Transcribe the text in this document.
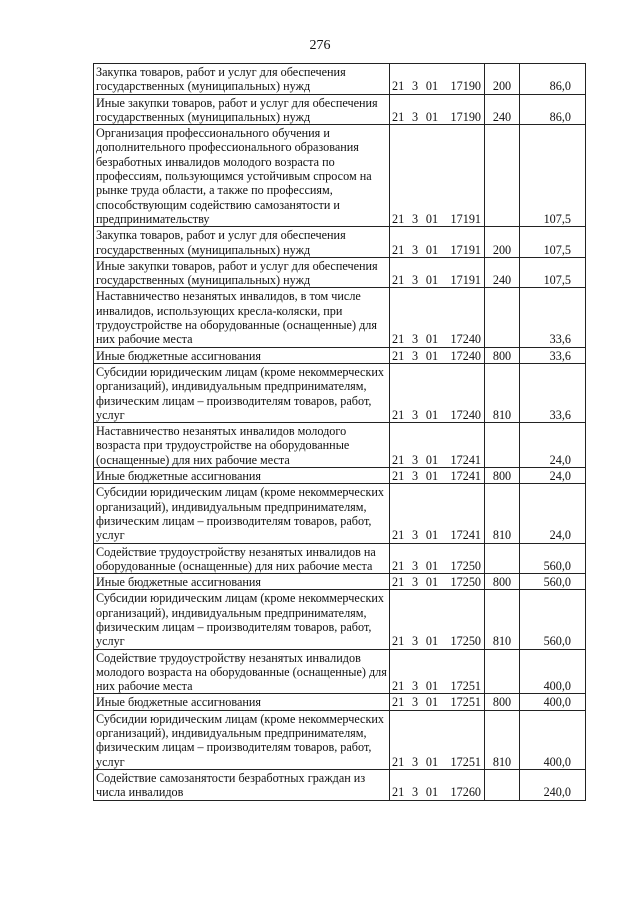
276
Закупка товаров, работ и услуг для обеспечения государственных (муниципальных) нужд	21 3 01 17190	200	86,0
Иные закупки товаров, работ и услуг для обеспечения государственных (муниципальных) нужд	21 3 01 17190	240	86,0
Организация профессионального обучения и дополнительного профессионального образования безработных инвалидов молодого возраста по профессиям, пользующимся устойчивым спросом на рынке труда области, а также по профессиям, способствующим содействию самозанятости и предпринимательству	21 3 01 17191		107,5
Закупка товаров, работ и услуг для обеспечения государственных (муниципальных) нужд	21 3 01 17191	200	107,5
Иные закупки товаров, работ и услуг для обеспечения государственных (муниципальных) нужд	21 3 01 17191	240	107,5
Наставничество незанятых инвалидов, в том числе инвалидов, использующих кресла-коляски, при трудоустройстве на оборудованные (оснащенные) для них рабочие места	21 3 01 17240		33,6
Иные бюджетные ассигнования	21 3 01 17240	800	33,6
Субсидии юридическим лицам (кроме некоммерческих организаций), индивидуальным предпринимателям, физическим лицам – производителям товаров, работ, услуг	21 3 01 17240	810	33,6
Наставничество незанятых инвалидов молодого возраста при трудоустройстве на оборудованные (оснащенные) для них рабочие места	21 3 01 17241		24,0
Иные бюджетные ассигнования	21 3 01 17241	800	24,0
Субсидии юридическим лицам (кроме некоммерческих организаций), индивидуальным предпринимателям, физическим лицам – производителям товаров, работ, услуг	21 3 01 17241	810	24,0
Содействие трудоустройству незанятых инвалидов на оборудованные (оснащенные) для них рабочие места	21 3 01 17250		560,0
Иные бюджетные ассигнования	21 3 01 17250	800	560,0
Субсидии юридическим лицам (кроме некоммерческих организаций), индивидуальным предпринимателям, физическим лицам – производителям товаров, работ, услуг	21 3 01 17250	810	560,0
Содействие трудоустройству незанятых инвалидов молодого возраста на оборудованные (оснащенные) для них рабочие места	21 3 01 17251		400,0
Иные бюджетные ассигнования	21 3 01 17251	800	400,0
Субсидии юридическим лицам (кроме некоммерческих организаций), индивидуальным предпринимателям, физическим лицам – производителям товаров, работ, услуг	21 3 01 17251	810	400,0
Содействие самозанятости безработных граждан из числа инвалидов	21 3 01 17260		240,0
